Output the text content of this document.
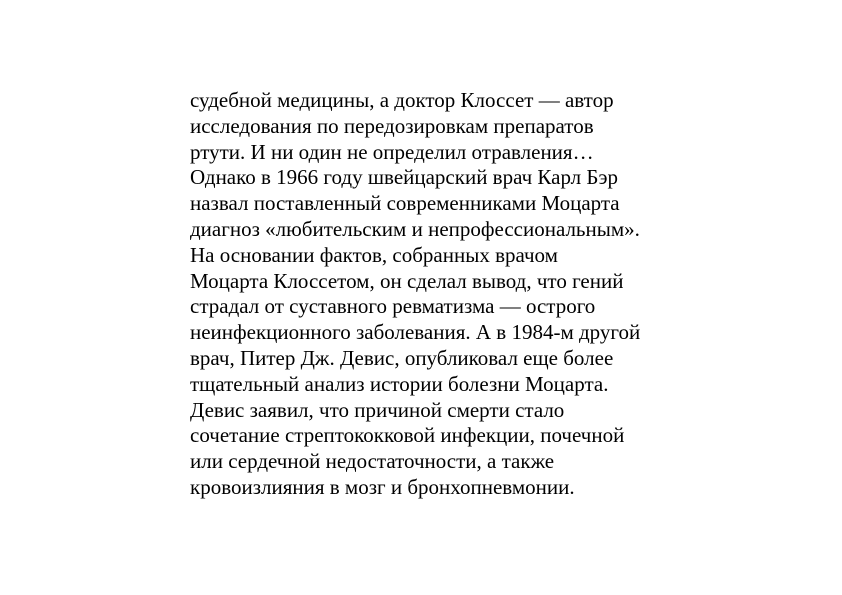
судебной медицины, а доктор Клоссет — автор
исследования по передозировкам препаратов
ртути. И ни один не определил отравления…
Однако в 1966 году швейцарский врач Карл Бэр
назвал поставленный современниками Моцарта
диагноз «любительским и непрофессиональным».
На основании фактов, собранных врачом
Моцарта Клоссетом, он сделал вывод, что гений
страдал от суставного ревматизма — острого
неинфекционного заболевания. А в 1984-м другой
врач, Питер Дж. Девис, опубликовал еще более
тщательный анализ истории болезни Моцарта.
Девис заявил, что причиной смерти стало
сочетание стрептококковой инфекции, почечной
или сердечной недостаточности, а также
кровоизлияния в мозг и бронхопневмонии.
